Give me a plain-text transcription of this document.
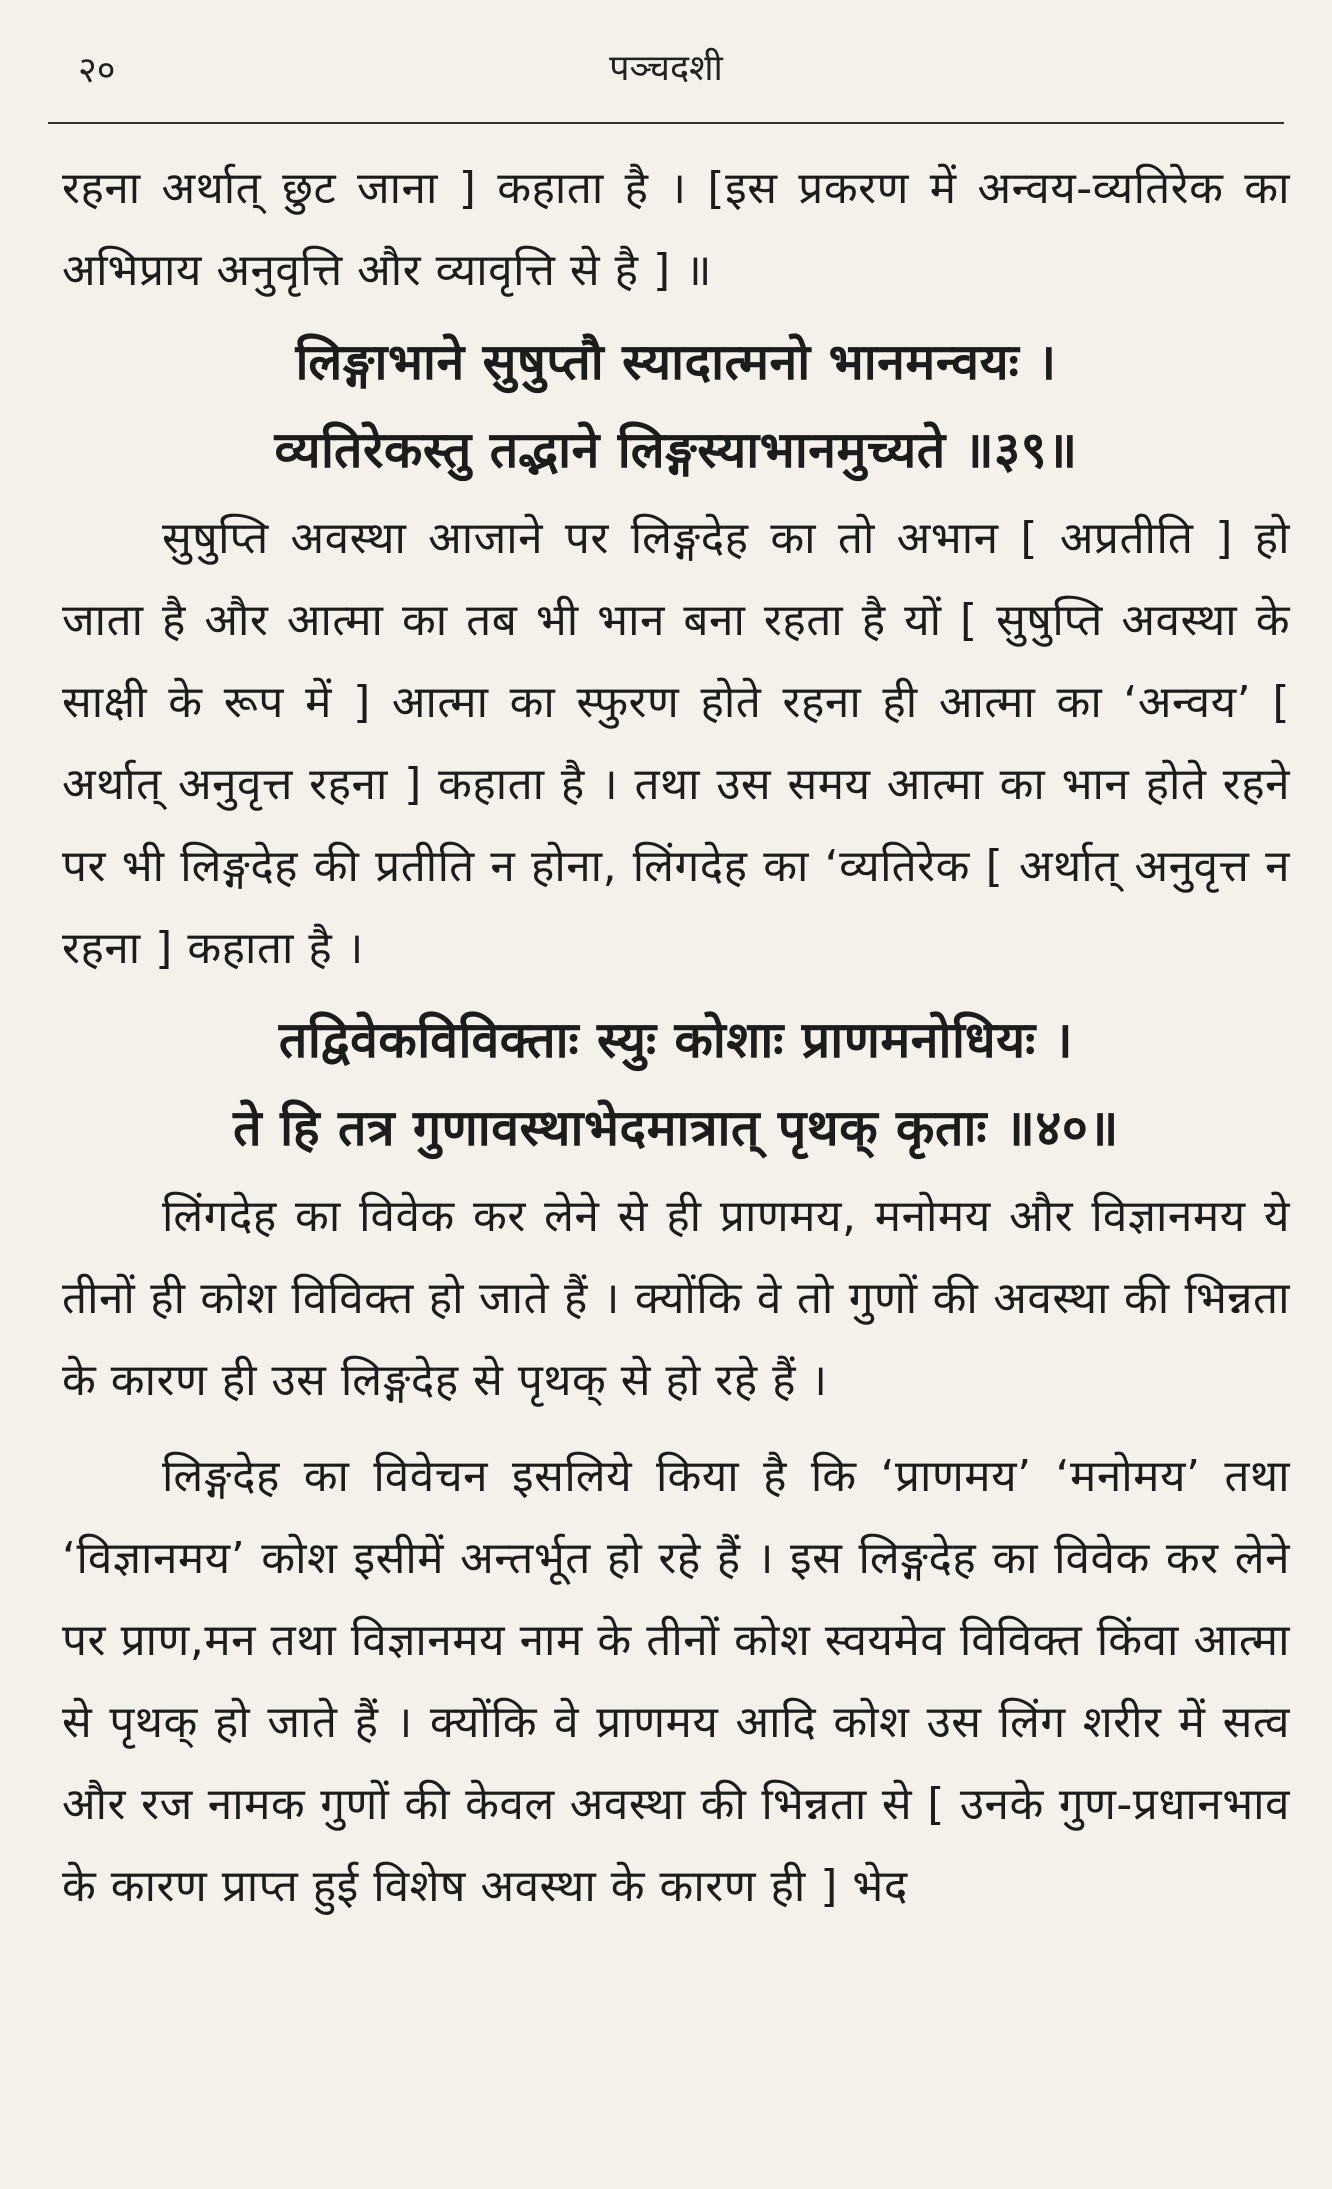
२०	पञ्चदशी

रहना अर्थात् छुट जाना ] कहाता है । [इस प्रकरण में अन्वय-व्यतिरेक का अभिप्राय अनुवृत्ति और व्यावृत्ति से है ] ॥

लिङ्गाभाने सुषुप्तौ स्यादात्मनो भानमन्वयः ।
व्यतिरेकस्तु तद्भाने लिङ्गस्याभानमुच्यते ॥३९॥

सुषुप्ति अवस्था आजाने पर लिङ्गदेह का तो अभान [ अप्रतीति ] हो जाता है और आत्मा का तब भी भान बना रहता है यों [ सुषुप्ति अवस्था के साक्षी के रूप में ] आत्मा का स्फुरण होते रहना ही आत्मा का ‘अन्वय’ [ अर्थात् अनुवृत्त रहना ] कहाता है । तथा उस समय आत्मा का भान होते रहने पर भी लिङ्गदेह की प्रतीति न होना, लिंगदेह का ‘व्यतिरेक [ अर्थात् अनुवृत्त न रहना ] कहाता है ।

तद्विवेकविविक्ताः स्युः कोशाः प्राणमनोधियः ।
ते हि तत्र गुणावस्थाभेदमात्रात् पृथक् कृताः ॥४०॥

लिंगदेह का विवेक कर लेने से ही प्राणमय, मनोमय और विज्ञानमय ये तीनों ही कोश विविक्त हो जाते हैं । क्योंकि वे तो गुणों की अवस्था की भिन्नता के कारण ही उस लिङ्गदेह से पृथक् से हो रहे हैं ।

लिङ्गदेह का विवेचन इसलिये किया है कि ‘प्राणमय’ ‘मनोमय’ तथा ‘विज्ञानमय’ कोश इसीमें अन्तर्भूत हो रहे हैं । इस लिङ्गदेह का विवेक कर लेने पर प्राण,मन तथा विज्ञानमय नाम के तीनों कोश स्वयमेव विविक्त किंवा आत्मा से पृथक् हो जाते हैं । क्योंकि वे प्राणमय आदि कोश उस लिंग शरीर में सत्व और रज नामक गुणों की केवल अवस्था की भिन्नता से [ उनके गुण-प्रधानभाव के कारण प्राप्त हुई विशेष अवस्था के कारण ही ] भेद
